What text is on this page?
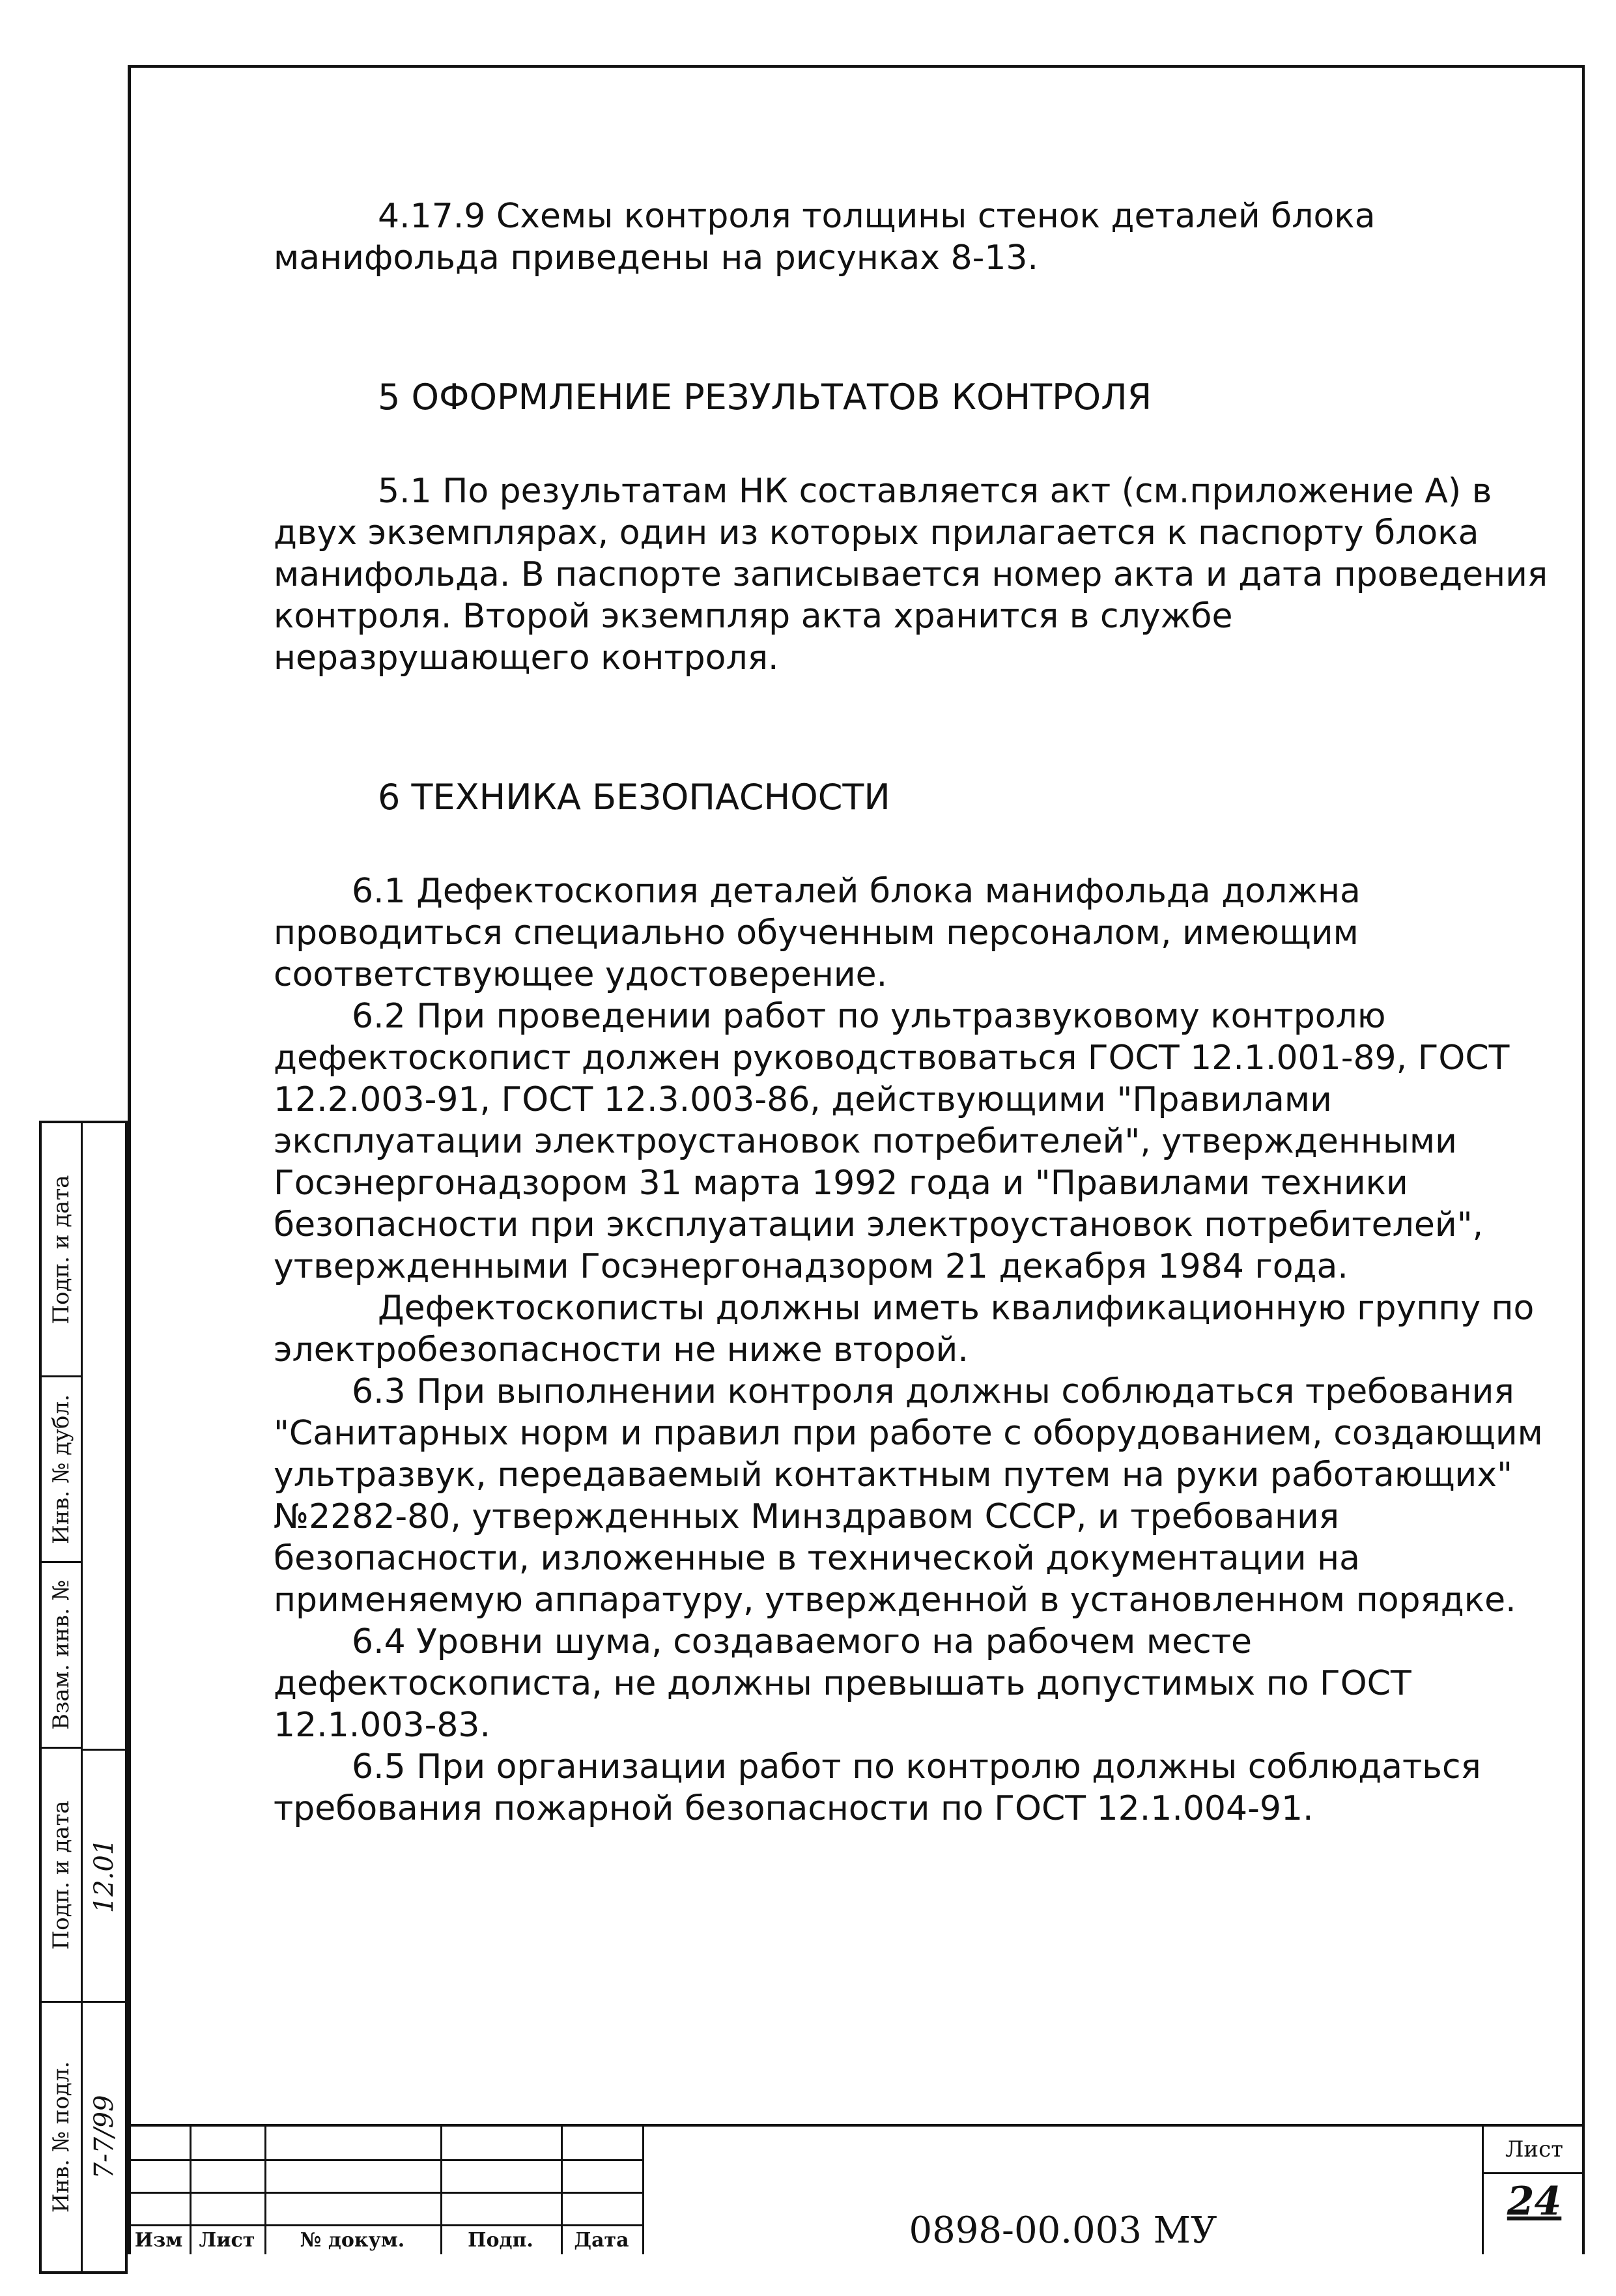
4.17.9 Схемы контроля толщины стенок деталей блока манифольда приведены на рисунках 8-13.

5 ОФОРМЛЕНИЕ РЕЗУЛЬТАТОВ КОНТРОЛЯ

5.1 По результатам НК составляется акт (см.приложение А) в двух экземплярах, один из которых прилагается к паспорту блока манифольда. В паспорте записывается номер акта и дата проведения контроля. Второй экземпляр акта хранится в службе неразрушающего контроля.

6 ТЕХНИКА БЕЗОПАСНОСТИ

6.1 Дефектоскопия деталей блока манифольда должна проводиться специально обученным персоналом, имеющим соответствующее удостоверение.

6.2 При проведении работ по ультразвуковому контролю дефектоскопист должен руководствоваться ГОСТ 12.1.001-89, ГОСТ 12.2.003-91, ГОСТ 12.3.003-86, действующими "Правилами эксплуатации электроустановок потребителей", утвержденными Госэнергонадзором 31 марта 1992 года и "Правилами техники безопасности при эксплуатации электроустановок потребителей", утвержденными Госэнергонадзором 21 декабря 1984 года.

Дефектоскописты должны иметь квалификационную группу по электробезопасности не ниже второй.

6.3 При выполнении контроля должны соблюдаться требования "Санитарных норм и правил при работе с оборудованием, создающим ультразвук, передаваемый контактным путем на руки работающих" №2282-80, утвержденных Минздравом СССР, и требования безопасности, изложенные в технической документации на применяемую аппаратуру, утвержденной в установленном порядке.

6.4 Уровни шума, создаваемого на рабочем месте дефектоскописта, не должны превышать допустимых по ГОСТ 12.1.003-83.

6.5 При организации работ по контролю должны соблюдаться требования пожарной безопасности по ГОСТ 12.1.004-91.

Подп. и дата
Инв. № дубл.
Взам. инв. №
Подп. и дата
Инв. № подл.
12.01
7-7/99
Изм Лист	№ докум.	Подп.	Дата	0898-00.003 МУ
Лист
24
